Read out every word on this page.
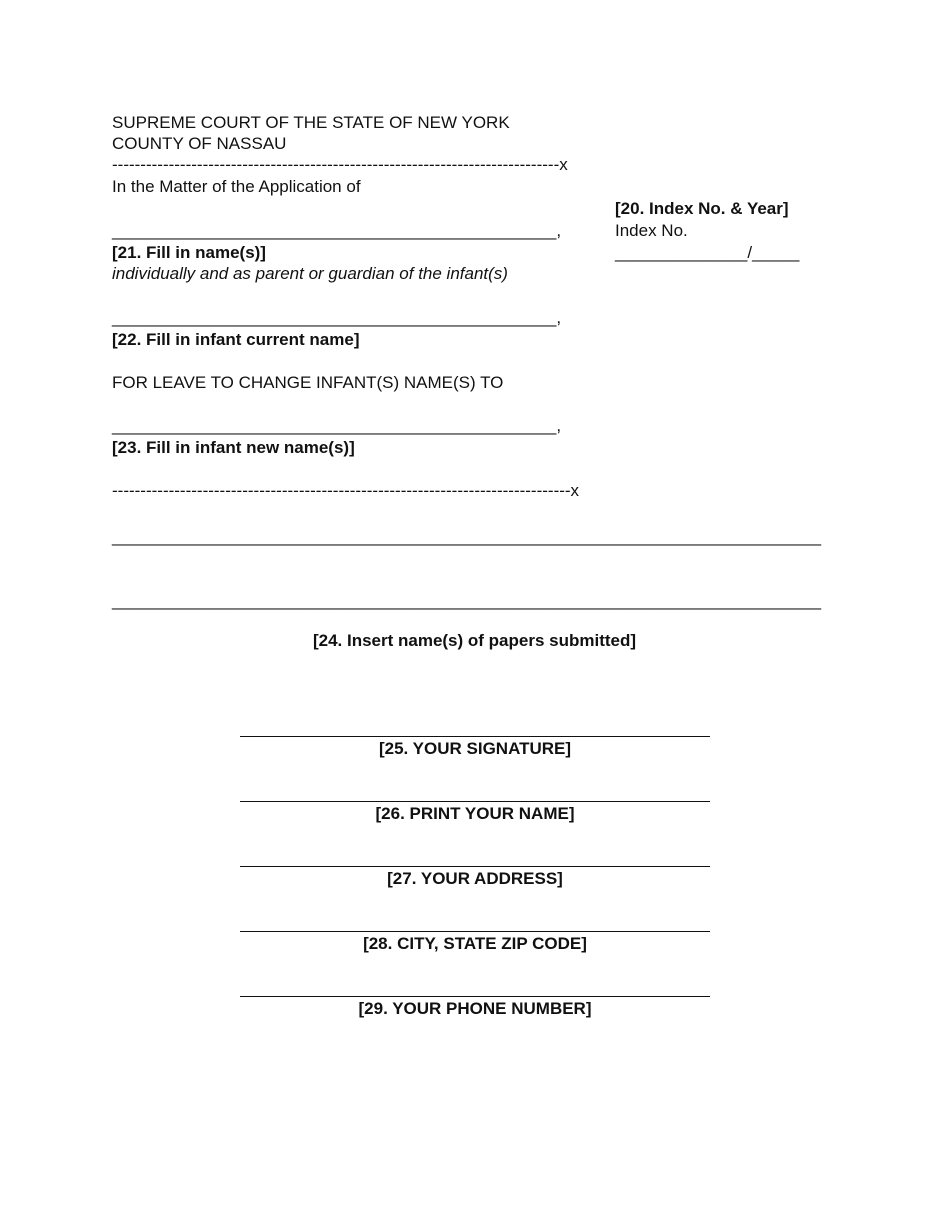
SUPREME COURT OF THE STATE OF NEW YORK
COUNTY OF NASSAU
-------------------------------------------------------------------------------x
In the Matter of the Application of
_______________________________________________,
[21. Fill in name(s)]
individually and as parent or guardian of the infant(s)
_______________________________________________,
[22. Fill in infant current name]
FOR LEAVE TO CHANGE INFANT(S) NAME(S) TO
_______________________________________________,
[23. Fill in infant new name(s)]
---------------------------------------------------------------------------------x
[20. Index No. & Year]
Index No.
______________/_____
___________________________________________________________________________
___________________________________________________________________________
[24. Insert name(s) of papers submitted]
[25. YOUR SIGNATURE]
[26. PRINT YOUR NAME]
[27. YOUR ADDRESS]
[28. CITY, STATE ZIP CODE]
[29. YOUR PHONE NUMBER]
